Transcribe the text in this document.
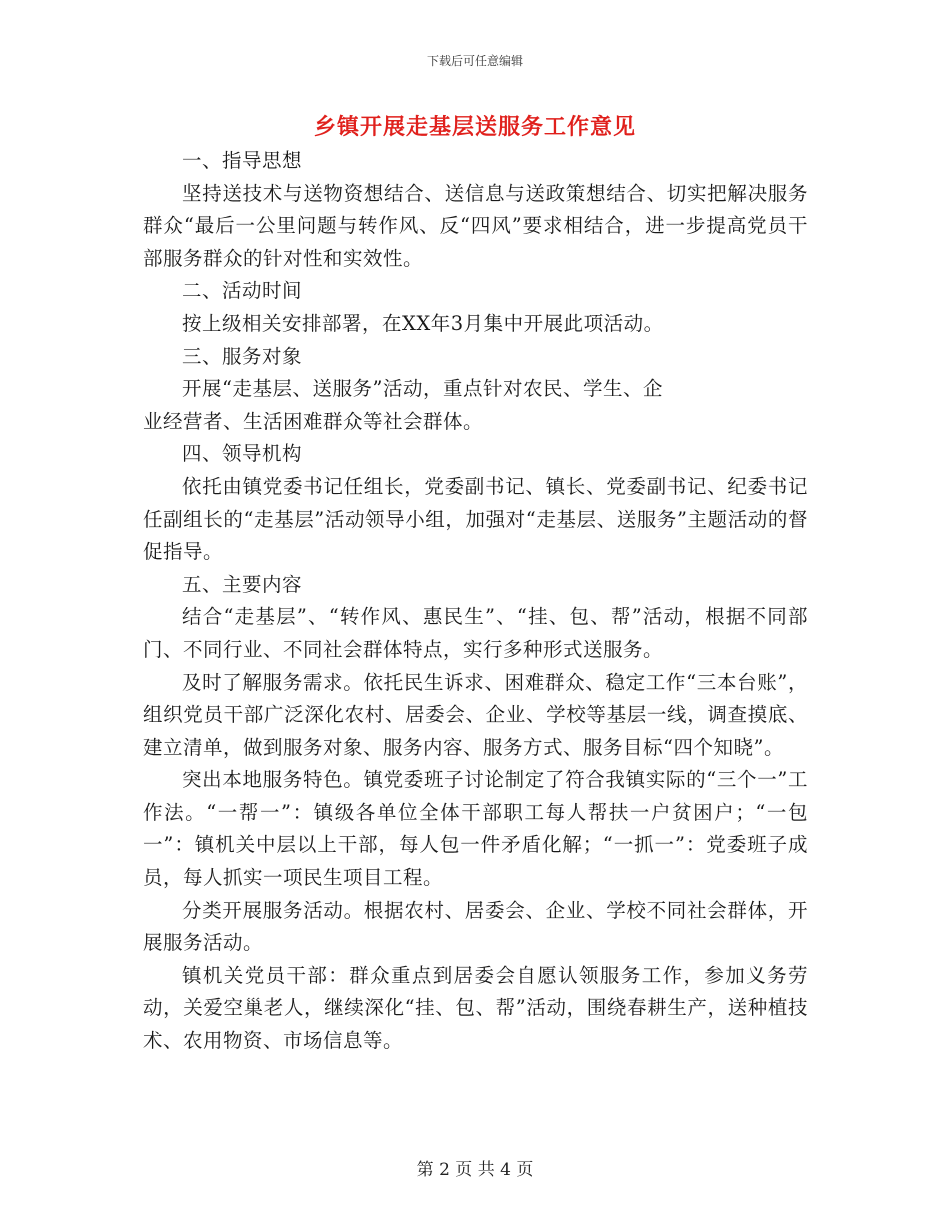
下载后可任意编辑
乡镇开展走基层送服务工作意见

一、指导思想

坚持送技术与送物资想结合、送信息与送政策想结合、切实把解决服务群众“最后一公里问题与转作风、反“四风”要求相结合，进一步提高党员干部服务群众的针对性和实效性。

二、活动时间

按上级相关安排部署，在XX年3月集中开展此项活动。

三、服务对象

开展“走基层、送服务”活动，重点针对农民、学生、企

业经营者、生活困难群众等社会群体。

四、领导机构

依托由镇党委书记任组长，党委副书记、镇长、党委副书记、纪委书记任副组长的“走基层”活动领导小组，加强对“走基层、送服务”主题活动的督促指导。

五、主要内容

结合“走基层”、“转作风、惠民生”、“挂、包、帮”活动，根据不同部门、不同行业、不同社会群体特点，实行多种形式送服务。

及时了解服务需求。依托民生诉求、困难群众、稳定工作“三本台账”，组织党员干部广泛深化农村、居委会、企业、学校等基层一线，调查摸底、建立清单，做到服务对象、服务内容、服务方式、服务目标“四个知晓”。

突出本地服务特色。镇党委班子讨论制定了符合我镇实际的“三个一”工作法。“一帮一”：镇级各单位全体干部职工每人帮扶一户贫困户；“一包一”：镇机关中层以上干部，每人包一件矛盾化解；“一抓一”：党委班子成员，每人抓实一项民生项目工程。

分类开展服务活动。根据农村、居委会、企业、学校不同社会群体，开展服务活动。

镇机关党员干部：群众重点到居委会自愿认领服务工作，参加义务劳动，关爱空巢老人，继续深化“挂、包、帮”活动，围绕春耕生产，送种植技术、农用物资、市场信息等。

第 2 页 共 4 页
